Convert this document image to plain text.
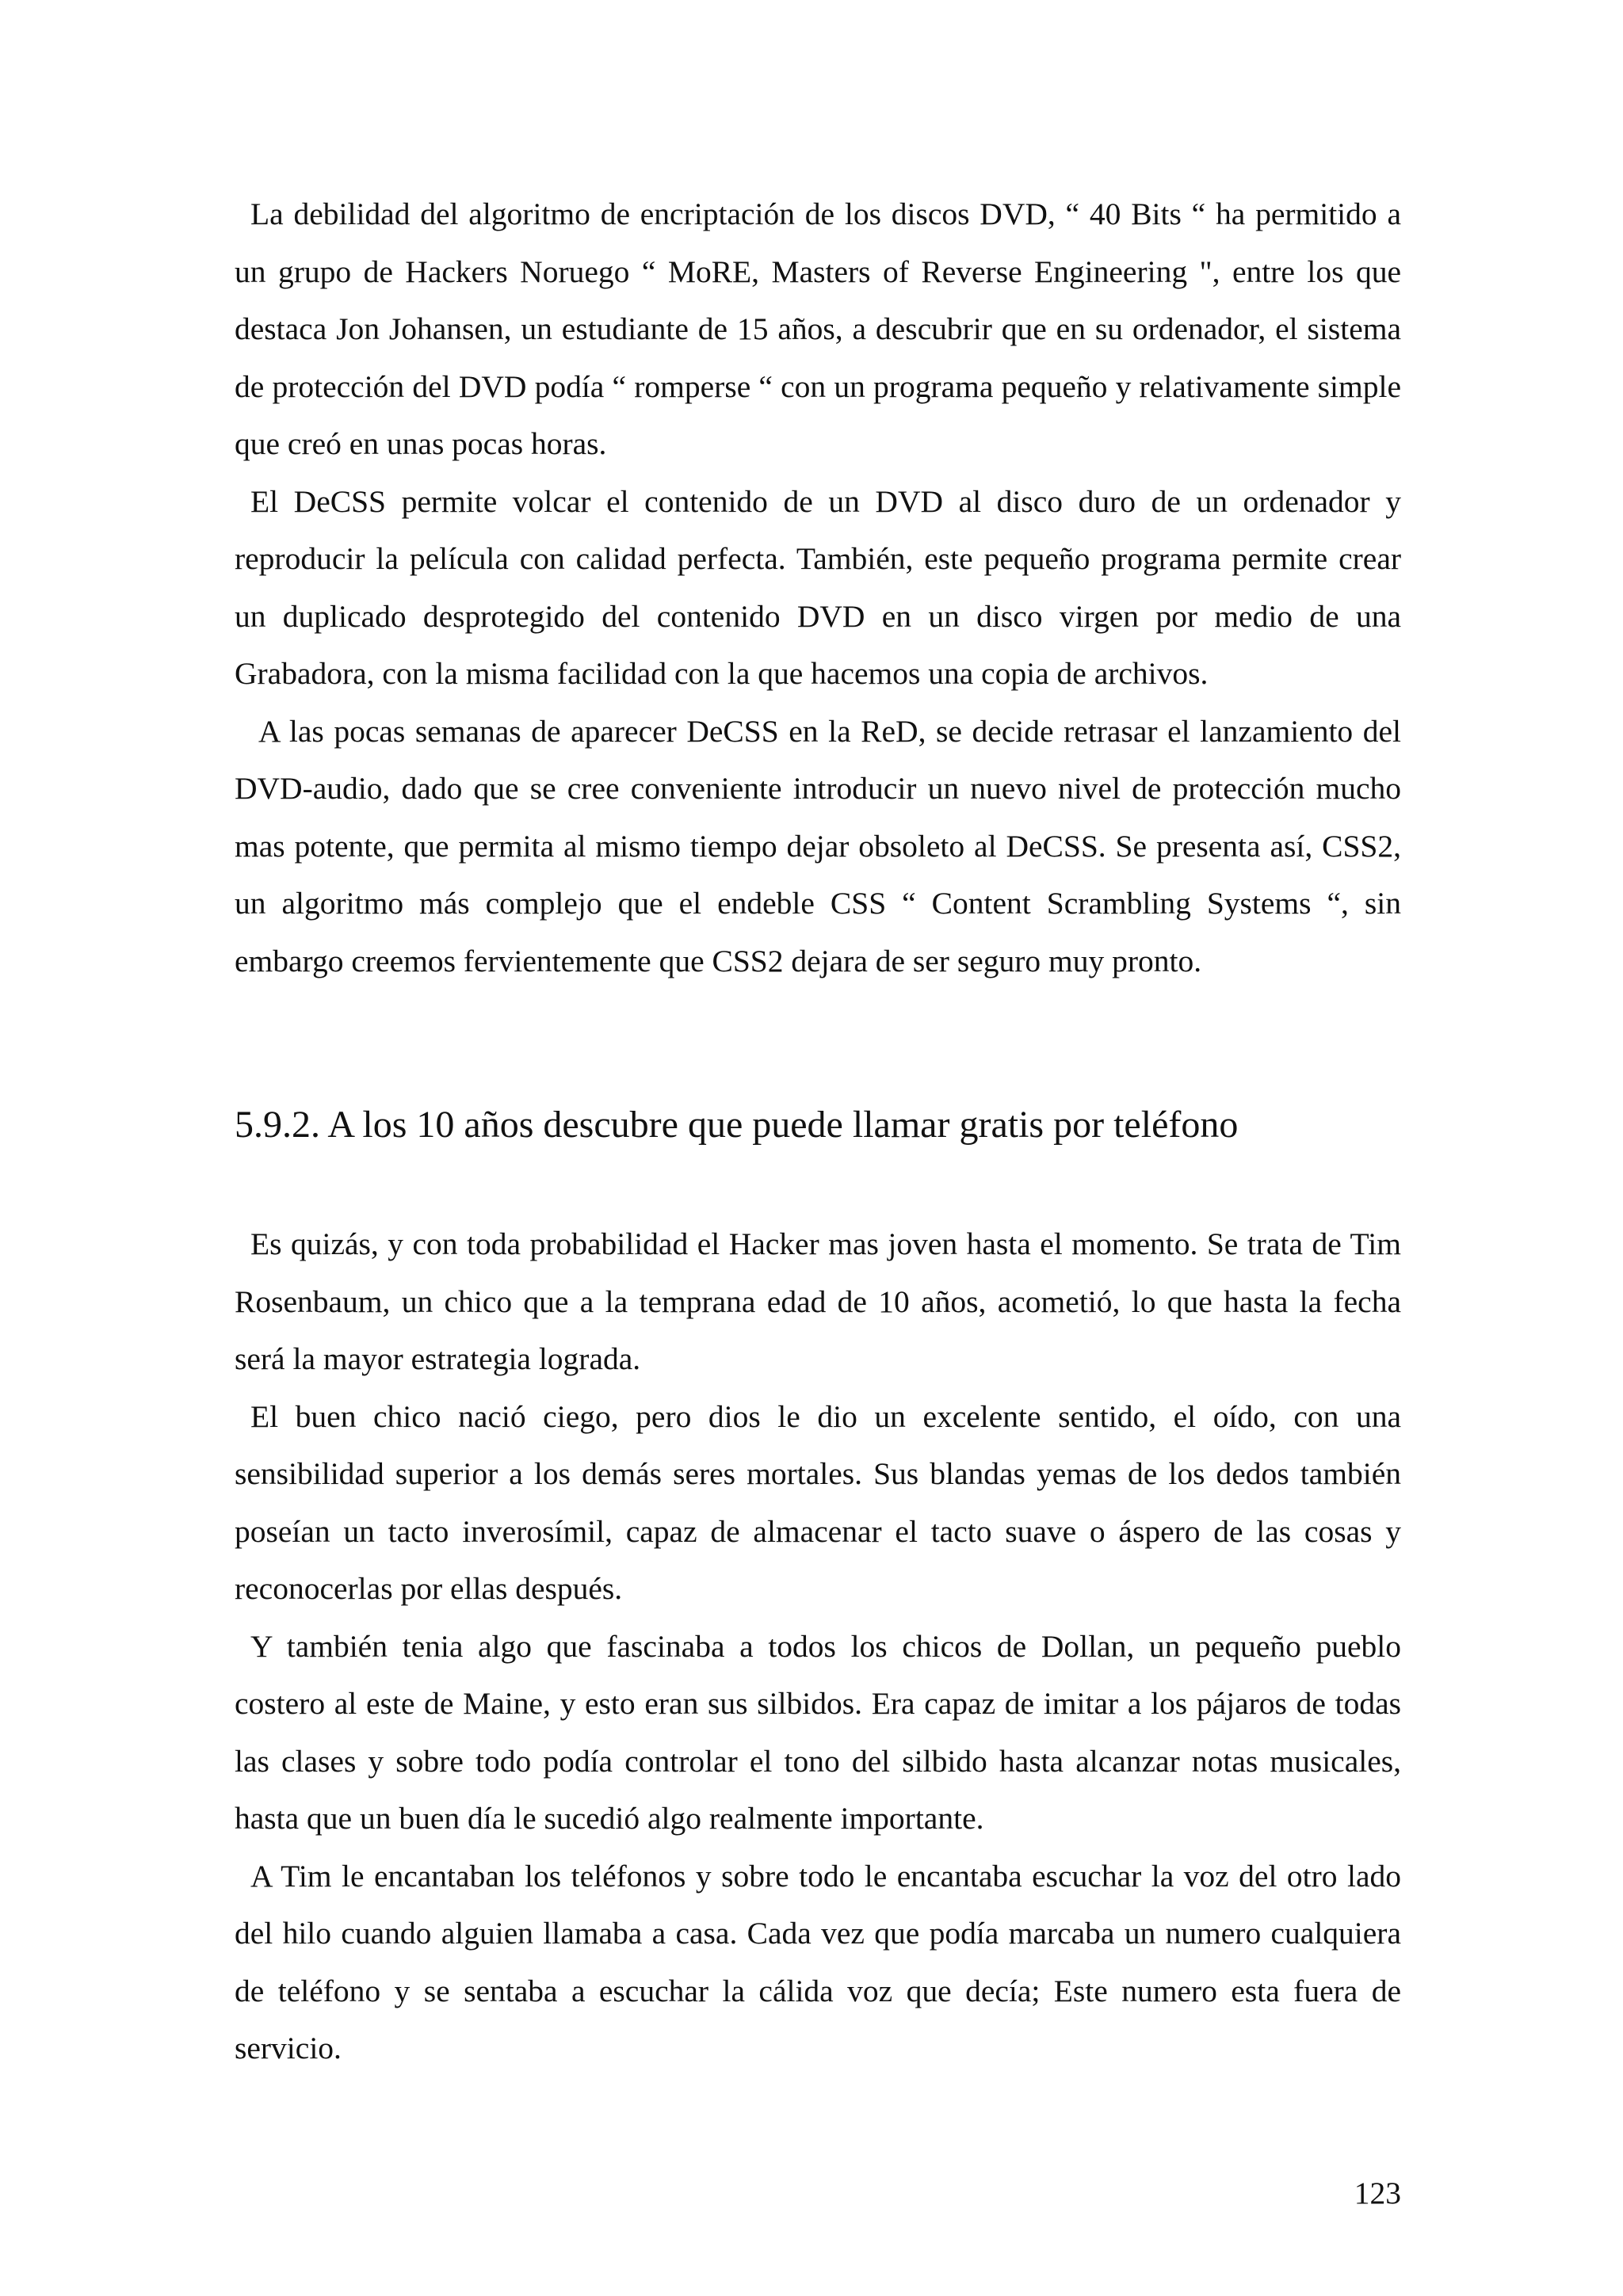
La debilidad del algoritmo de encriptación de los discos DVD, “ 40 Bits “ ha permitido a un grupo de Hackers Noruego “ MoRE, Masters of Reverse Engineering ", entre los que destaca Jon Johansen, un estudiante de 15 años, a descubrir que en su ordenador, el sistema de protección del DVD podía “ romperse “ con un programa pequeño y relativamente simple que creó en unas pocas horas.

El DeCSS permite volcar el contenido de un DVD al disco duro de un ordenador y reproducir la película con calidad perfecta. También, este pequeño programa permite crear un duplicado desprotegido del contenido DVD en un disco virgen por medio de una Grabadora, con la misma facilidad con la que hacemos una copia de archivos.

A las pocas semanas de aparecer DeCSS en la ReD, se decide retrasar el lanzamiento del DVD-audio, dado que se cree conveniente introducir un nuevo nivel de protección mucho mas potente, que permita al mismo tiempo dejar obsoleto al DeCSS. Se presenta así, CSS2, un algoritmo más complejo que el endeble CSS “ Content Scrambling Systems “, sin embargo creemos fervientemente que CSS2 dejara de ser seguro muy pronto.

5.9.2. A los 10 años descubre que puede llamar gratis por teléfono

Es quizás, y con toda probabilidad el Hacker mas joven hasta el momento. Se trata de Tim Rosenbaum, un chico que a la temprana edad de 10 años, acometió, lo que hasta la fecha será la mayor estrategia lograda.

El buen chico nació ciego, pero dios le dio un excelente sentido, el oído, con una sensibilidad superior a los demás seres mortales. Sus blandas yemas de los dedos también poseían un tacto inverosímil, capaz de almacenar el tacto suave o áspero de las cosas y reconocerlas por ellas después.

Y también tenia algo que fascinaba a todos los chicos de Dollan, un pequeño pueblo costero al este de Maine, y esto eran sus silbidos. Era capaz de imitar a los pájaros de todas las clases y sobre todo podía controlar el tono del silbido hasta alcanzar notas musicales, hasta que un buen día le sucedió algo realmente importante.

A Tim le encantaban los teléfonos y sobre todo le encantaba escuchar la voz del otro lado del hilo cuando alguien llamaba a casa. Cada vez que podía marcaba un numero cualquiera de teléfono y se sentaba a escuchar la cálida voz que decía; Este numero esta fuera de servicio.

123
